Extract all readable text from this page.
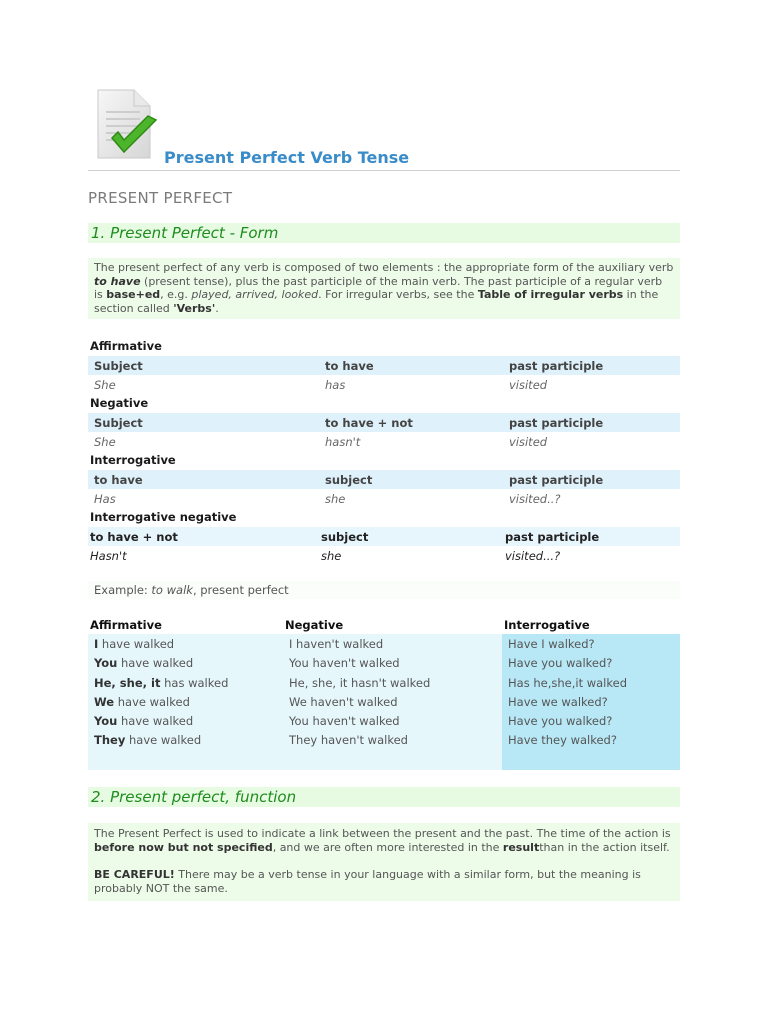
Present Perfect Verb Tense
PRESENT PERFECT
1. Present Perfect - Form
The present perfect of any verb is composed of two elements : the appropriate form of the auxiliary verb to have (present tense), plus the past participle of the main verb. The past participle of a regular verb is base+ed, e.g. played, arrived, looked. For irregular verbs, see the Table of irregular verbs in the section called 'Verbs'.
Affirmative
Subject	to have	past participle
She	has	visited
Negative
Subject	to have + not	past participle
She	hasn't	visited
Interrogative
to have	subject	past participle
Has	she	visited..?
Interrogative negative
to have + not	subject	past participle
Hasn't	she	visited...?
Example: to walk, present perfect
Affirmative	Negative	Interrogative
I have walked	I haven't walked	Have I walked?
You have walked	You haven't walked	Have you walked?
He, she, it has walked	He, she, it hasn't walked	Has he,she,it walked
We have walked	We haven't walked	Have we walked?
You have walked	You haven't walked	Have you walked?
They have walked	They haven't walked	Have they walked?

2. Present perfect, function

The Present Perfect is used to indicate a link between the present and the past. The time of the action is before now but not specified, and we are often more interested in the resultthan in the action itself.

BE CAREFUL! There may be a verb tense in your language with a similar form, but the meaning is probably NOT the same.
